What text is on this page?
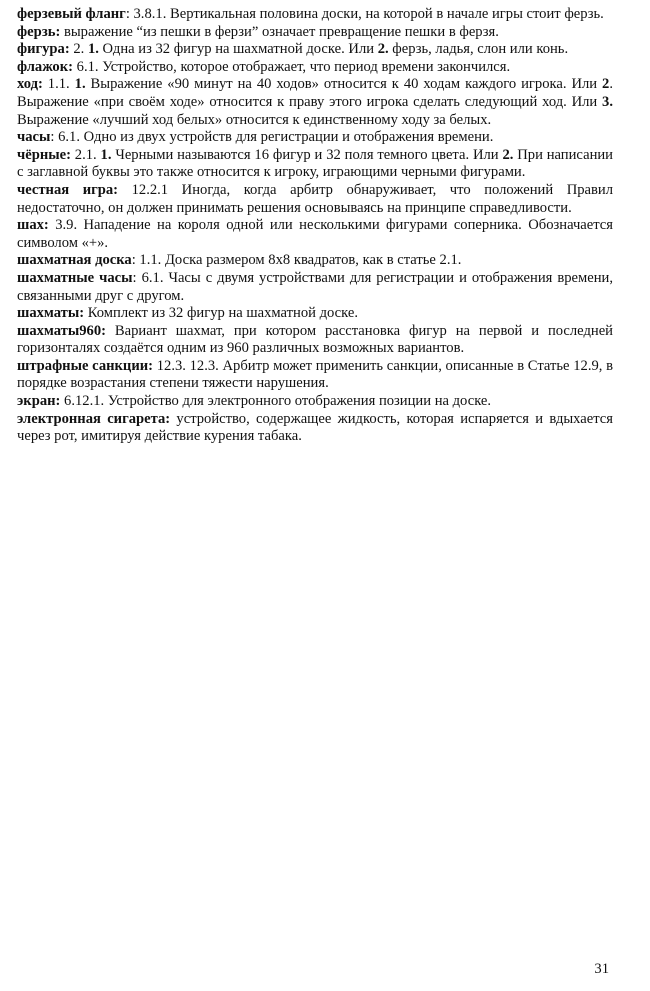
ферзевый фланг: 3.8.1. Вертикальная половина доски, на которой в начале игры стоит ферзь.

ферзь: выражение “из пешки в ферзи” означает превращение пешки в ферзя.

фигура: 2. 1. Одна из 32 фигур на шахматной доске. Или 2. ферзь, ладья, слон или конь.

флажок: 6.1. Устройство, которое отображает, что период времени закончился.

ход: 1.1. 1. Выражение «90 минут на 40 ходов» относится к 40 ходам каждого игрока. Или 2. Выражение «при своём ходе» относится к праву этого игрока сделать следующий ход. Или 3. Выражение «лучший ход белых» относится к единственному ходу за белых.

часы: 6.1. Одно из двух устройств для регистрации и отображения времени.

чёрные: 2.1. 1. Черными называются 16 фигур и 32 поля темного цвета. Или 2. При написании с заглавной буквы это также относится к игроку, играющими черными фигурами.

честная игра: 12.2.1 Иногда, когда арбитр обнаруживает, что положений Правил недостаточно, он должен принимать решения основываясь на принципе справедливости.

шах: 3.9. Нападение на короля одной или несколькими фигурами соперника. Обозначается символом «+».

шахматная доска: 1.1. Доска размером 8x8 квадратов, как в статье 2.1.

шахматные часы: 6.1. Часы с двумя устройствами для регистрации и отображения времени, связанными друг с другом.

шахматы: Комплект из 32 фигур на шахматной доске.

шахматы960: Вариант шахмат, при котором расстановка фигур на первой и последней горизонталях создаётся одним из 960 различных возможных вариантов.

штрафные санкции: 12.3. 12.3. Арбитр может применить санкции, описанные в Статье 12.9, в порядке возрастания степени тяжести нарушения.

экран: 6.12.1. Устройство для электронного отображения позиции на доске.

электронная сигарета: устройство, содержащее жидкость, которая испаряется и вдыхается через рот, имитируя действие курения табака.

31
